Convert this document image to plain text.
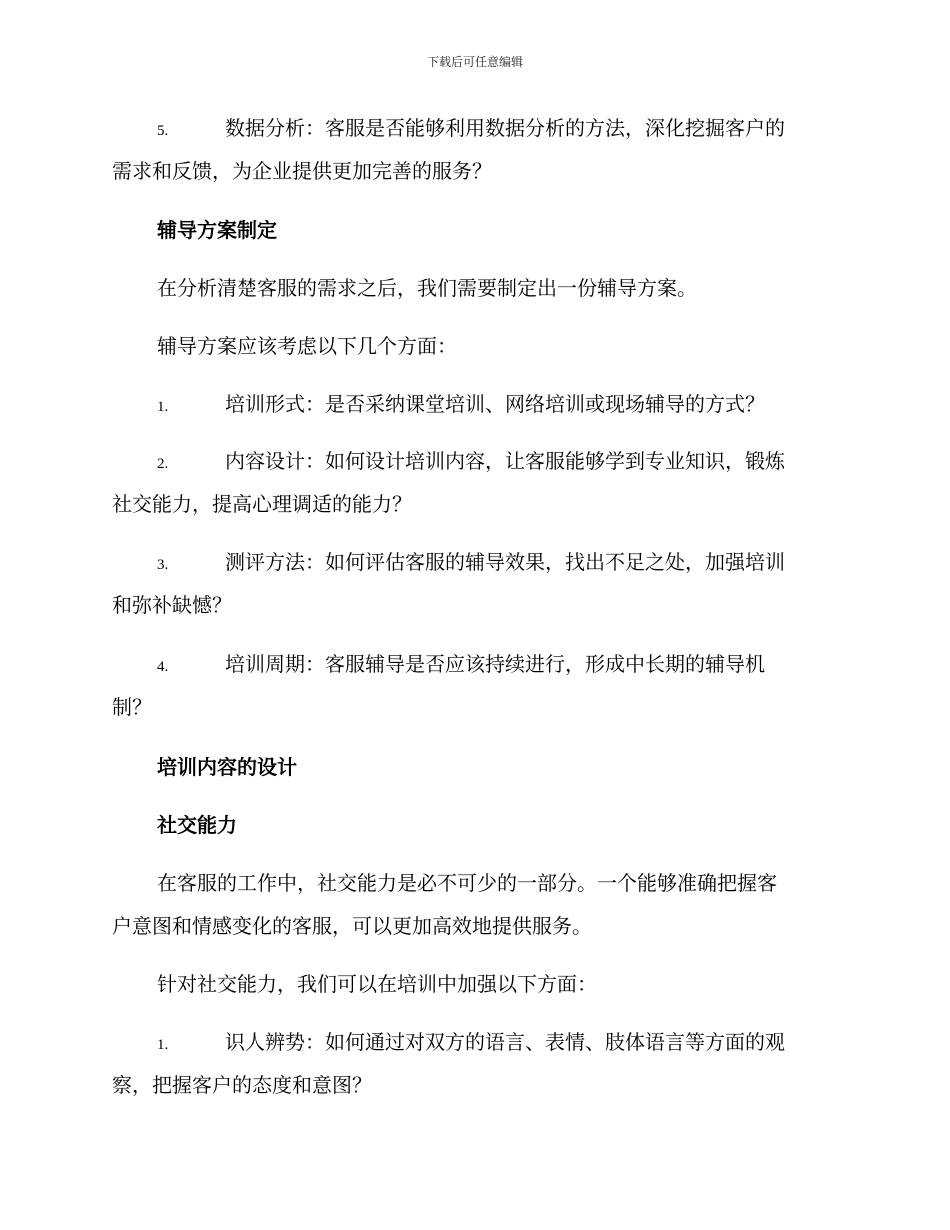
下载后可任意编辑
5.	数据分析：客服是否能够利用数据分析的方法，深化挖掘客户的
需求和反馈，为企业提供更加完善的服务？
辅导方案制定
在分析清楚客服的需求之后，我们需要制定出一份辅导方案。
辅导方案应该考虑以下几个方面：
1.	培训形式：是否采纳课堂培训、网络培训或现场辅导的方式？
2.	内容设计：如何设计培训内容，让客服能够学到专业知识，锻炼
社交能力，提高心理调适的能力？
3.	测评方法：如何评估客服的辅导效果，找出不足之处，加强培训
和弥补缺憾？
4.	培训周期：客服辅导是否应该持续进行，形成中长期的辅导机
制？
培训内容的设计
社交能力
在客服的工作中，社交能力是必不可少的一部分。一个能够准确把握客
户意图和情感变化的客服，可以更加高效地提供服务。
针对社交能力，我们可以在培训中加强以下方面：
1.	识人辨势：如何通过对双方的语言、表情、肢体语言等方面的观
察，把握客户的态度和意图？
